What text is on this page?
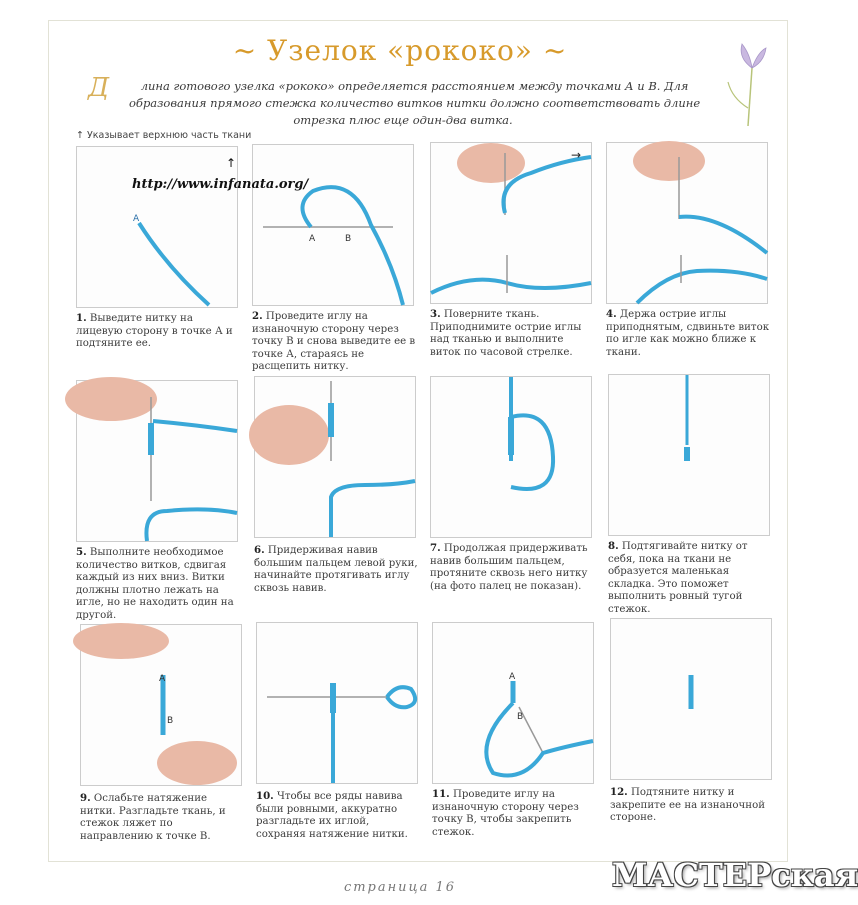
~ Узелок «рококо» ~
Д	лина готового узелка «рококо» определяется расстоянием между точками А и В. Для образования прямого стежка количество витков нитки должно соответствовать длине отрезка плюс еще один-два витка.
↑ Указывает верхнюю часть ткани
http://www.infanata.org/
A
A	B
→
A
B
A
B
1. Выведите нитку на лицевую сторону в точке А и подтяните ее.
2. Проведите иглу на изнаночную сторону через точку В и снова выведите ее в точке А, стараясь не расщепить нитку.
3. Поверните ткань. Приподнимите острие иглы над тканью и выполните виток по часовой стрелке.
4. Держа острие иглы приподнятым, сдвиньте виток по игле как можно ближе к ткани.
5. Выполните необходимое количество витков, сдвигая каждый из них вниз. Витки должны плотно лежать на игле, но не находить один на другой.
6. Придерживая навив большим пальцем левой руки, начинайте протягивать иглу сквозь навив.
7. Продолжая придерживать навив большим пальцем, протяните сквозь него нитку (на фото палец не показан).
8. Подтягивайте нитку от себя, пока на ткани не образуется маленькая складка. Это поможет выполнить ровный тугой стежок.
9. Ослабьте натяжение нитки. Разгладьте ткань, и стежок ляжет по направлению к точке В.
10. Чтобы все ряды навива были ровными, аккуратно разгладьте их иглой, сохраняя натяжение нитки.
11. Проведите иглу на изнаночную сторону через точку В, чтобы закрепить стежок.
12. Подтяните нитку и закрепите ее на изнаночной стороне.
↑
страница 16	МАСТЕРская
